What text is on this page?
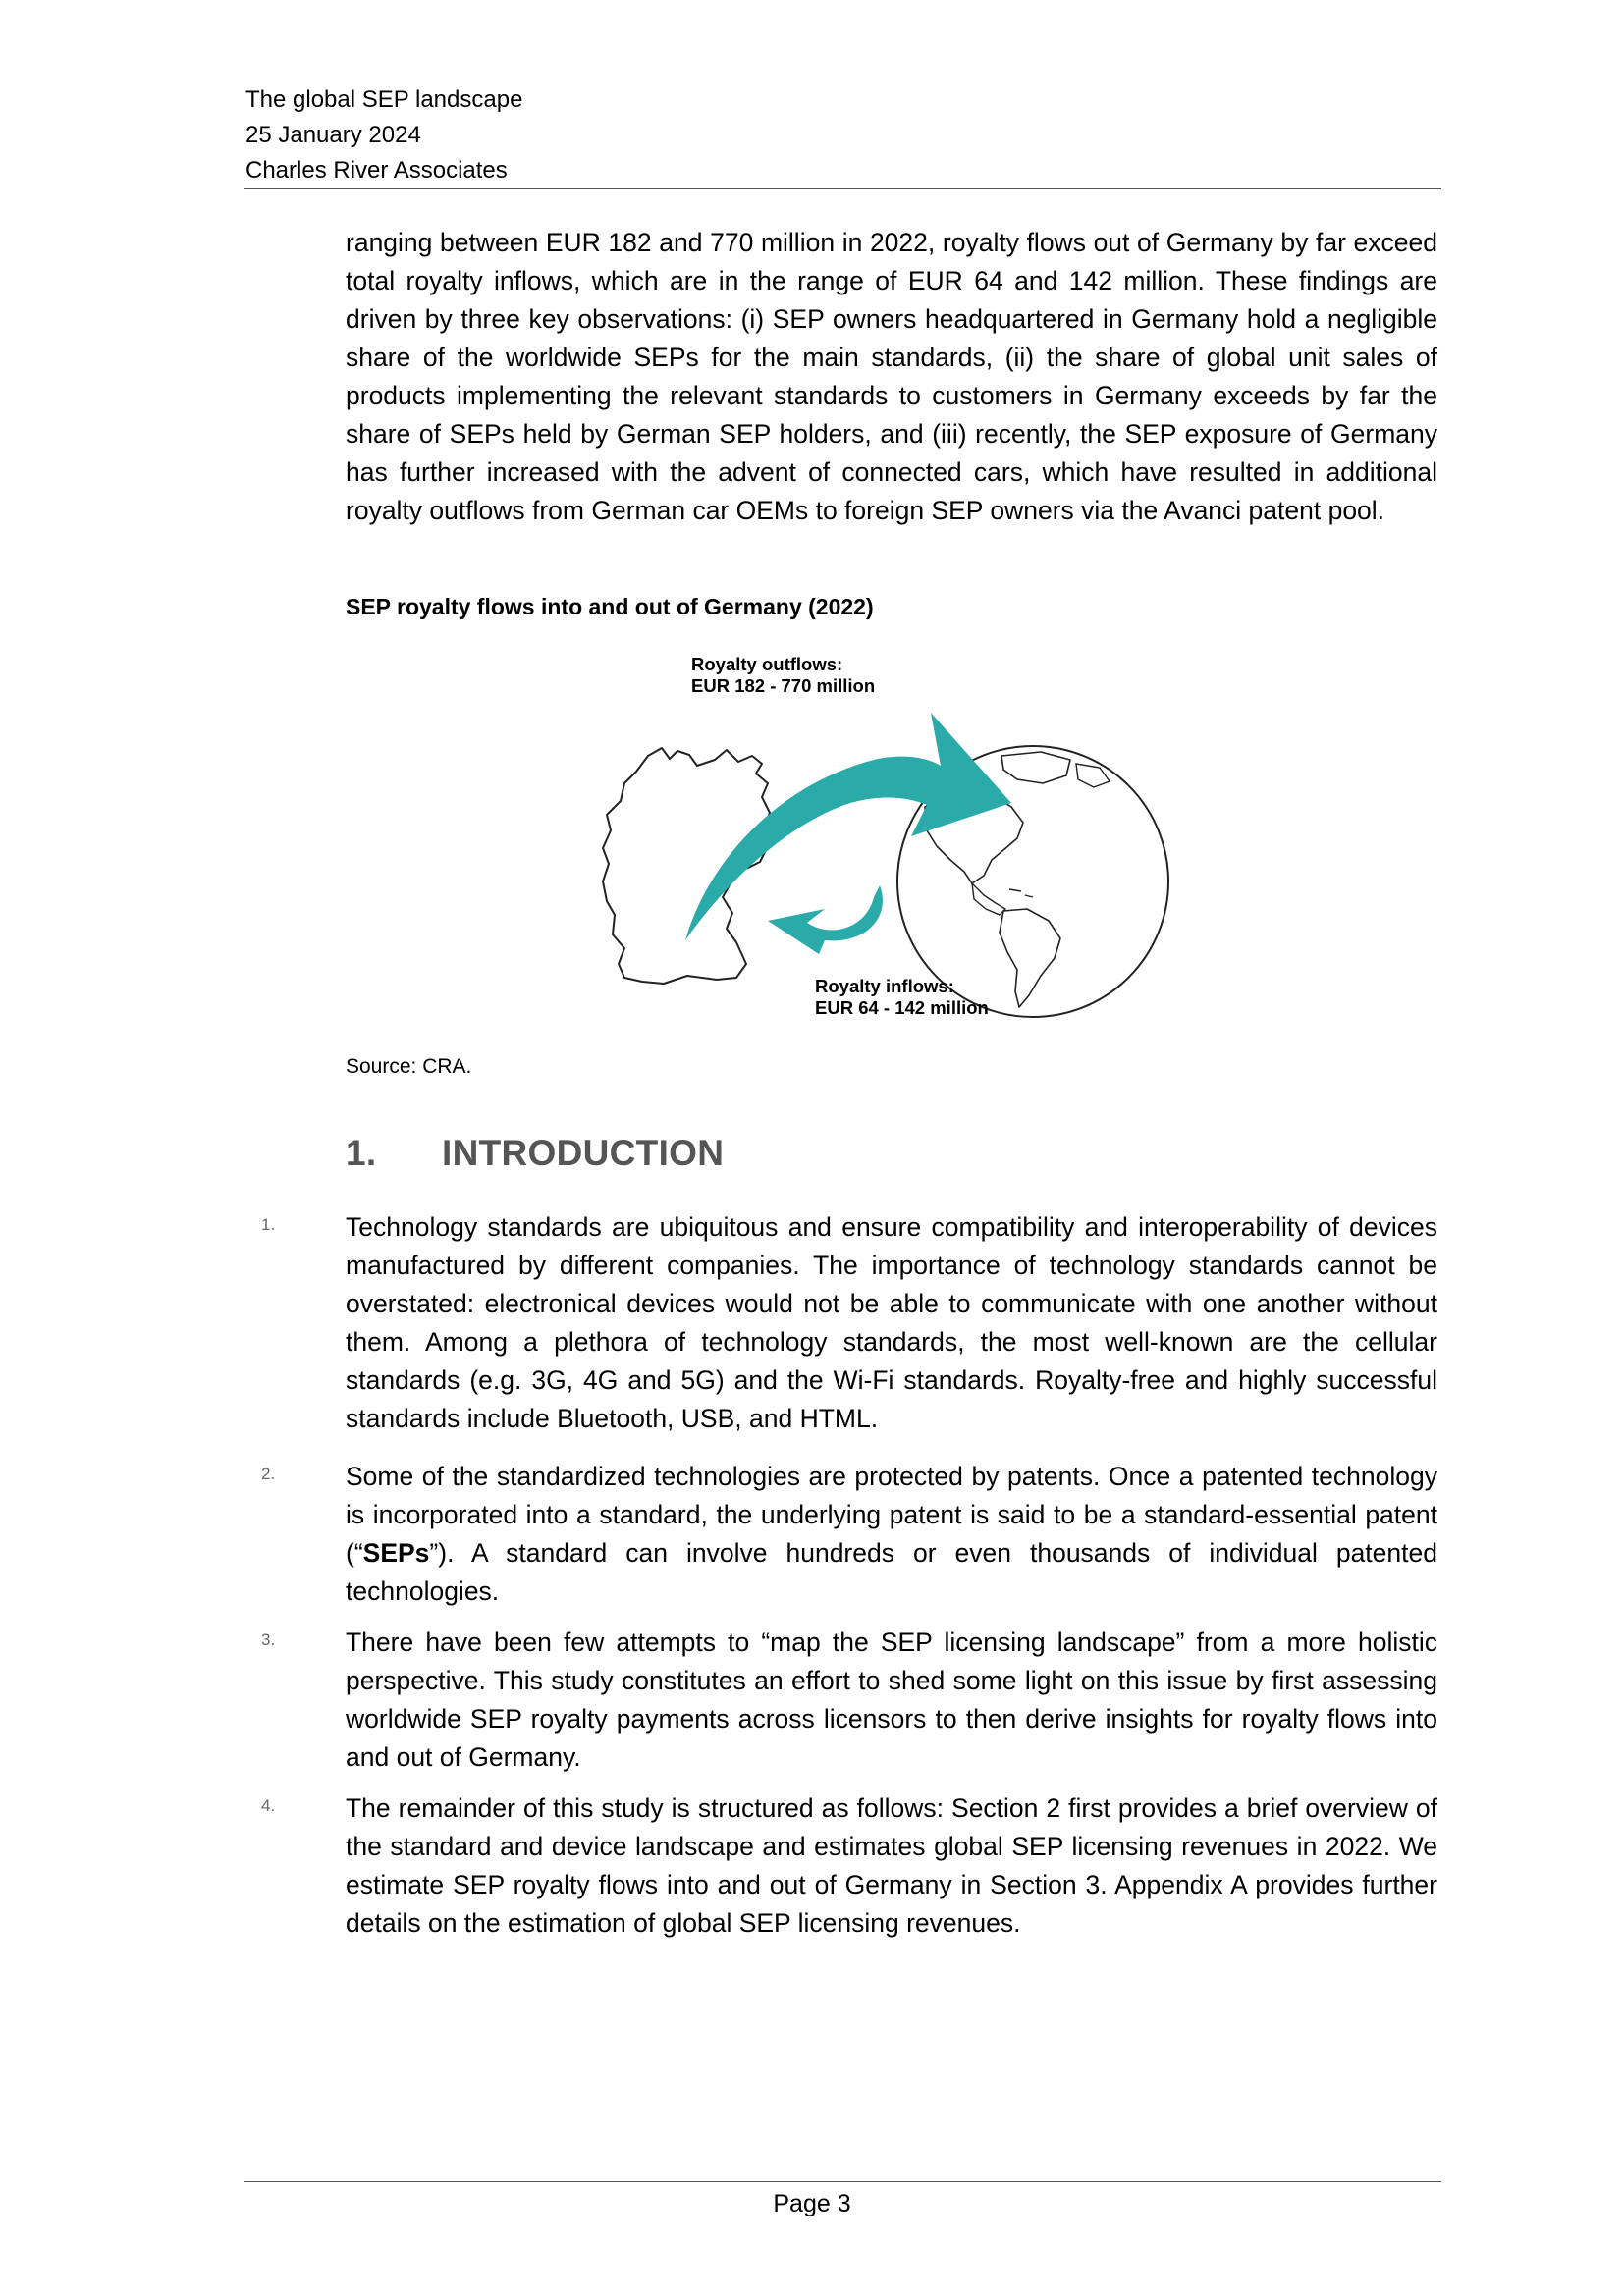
The global SEP landscape
25 January 2024
Charles River Associates

ranging between EUR 182 and 770 million in 2022, royalty flows out of Germany by far exceed total royalty inflows, which are in the range of EUR 64 and 142 million. These findings are driven by three key observations: (i) SEP owners headquartered in Germany hold a negligible share of the worldwide SEPs for the main standards, (ii) the share of global unit sales of products implementing the relevant standards to customers in Germany exceeds by far the share of SEPs held by German SEP holders, and (iii) recently, the SEP exposure of Germany has further increased with the advent of connected cars, which have resulted in additional royalty outflows from German car OEMs to foreign SEP owners via the Avanci patent pool.

SEP royalty flows into and out of Germany (2022)
Royalty outflows:
EUR 182 - 770 million
Royalty inflows:
EUR 64 - 142 million
Source: CRA.
1. INTRODUCTION
1.	Technology standards are ubiquitous and ensure compatibility and interoperability of devices manufactured by different companies. The importance of technology standards cannot be overstated: electronical devices would not be able to communicate with one another without them. Among a plethora of technology standards, the most well-known are the cellular standards (e.g. 3G, 4G and 5G) and the Wi-Fi standards. Royalty-free and highly successful standards include Bluetooth, USB, and HTML.

2.	Some of the standardized technologies are protected by patents. Once a patented technology is incorporated into a standard, the underlying patent is said to be a standard-essential patent (“SEPs”). A standard can involve hundreds or even thousands of individual patented technologies.

3.	There have been few attempts to “map the SEP licensing landscape” from a more holistic perspective. This study constitutes an effort to shed some light on this issue by first assessing worldwide SEP royalty payments across licensors to then derive insights for royalty flows into and out of Germany.

4.	The remainder of this study is structured as follows: Section 2 first provides a brief overview of the standard and device landscape and estimates global SEP licensing revenues in 2022. We estimate SEP royalty flows into and out of Germany in Section 3. Appendix A provides further details on the estimation of global SEP licensing revenues.

Page 3
